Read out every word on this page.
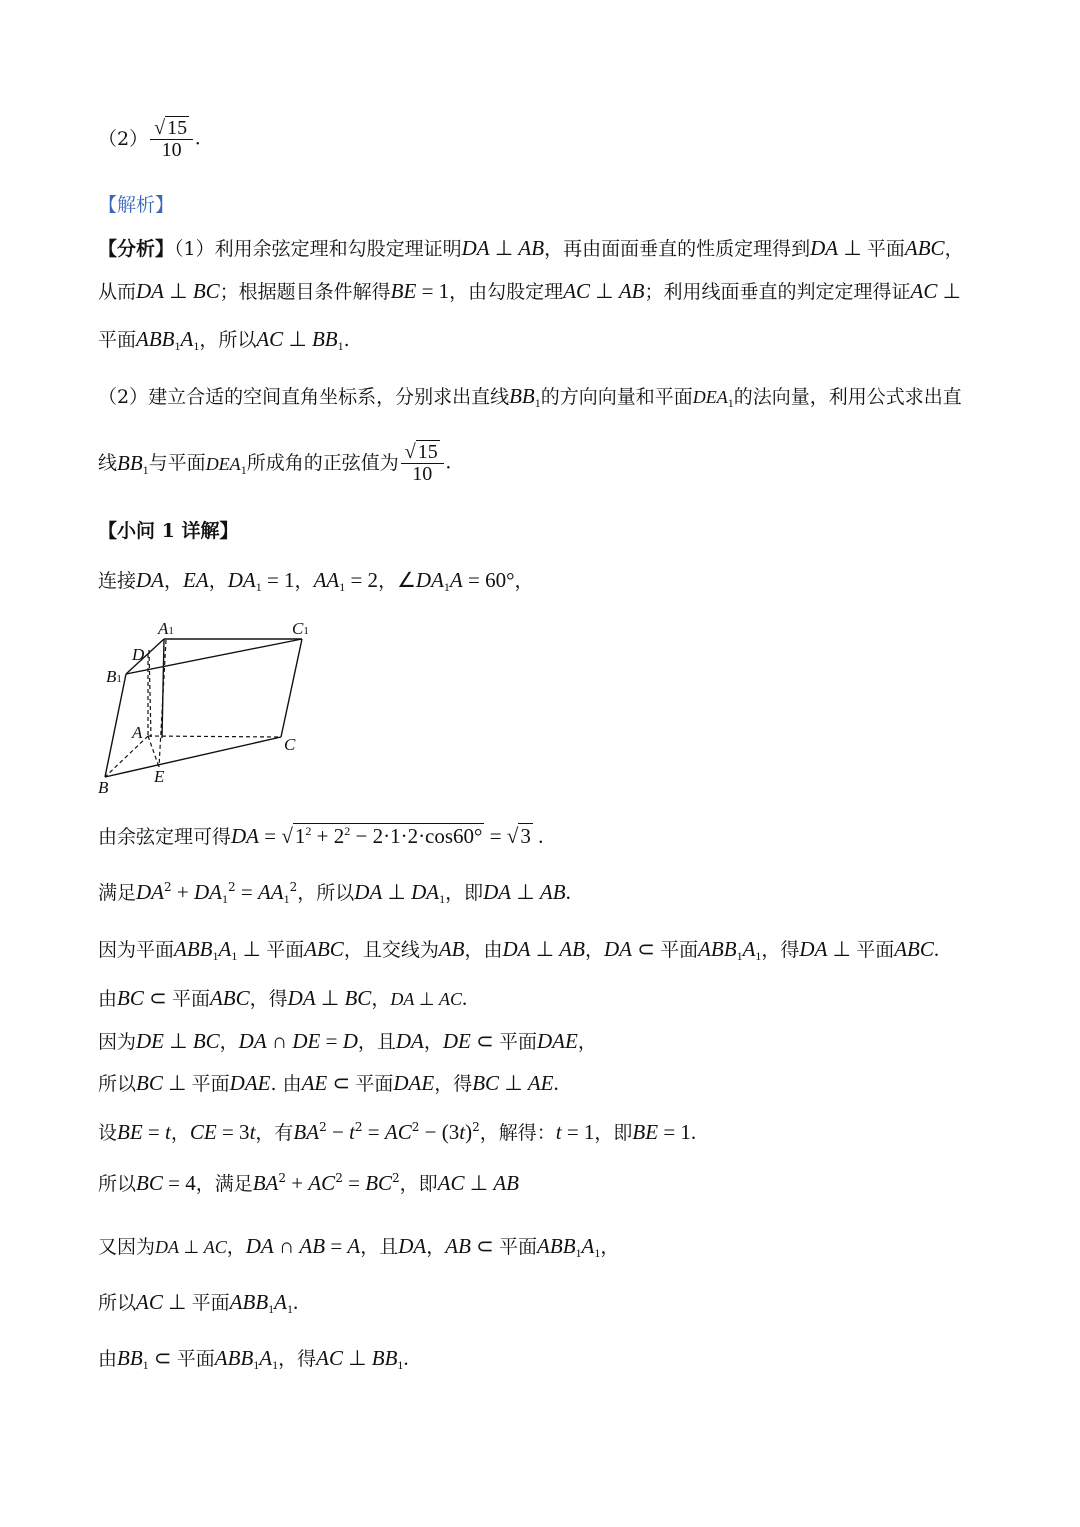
$(2) \frac{√ 15}{10}$ .
【解析】
【分析】（1）利用余弦定理和勾股定理证明DA ⊥ AB，再由面面垂直的性质定理得到DA ⊥ 平面ABC，
从而DA ⊥ BC；根据题目条件解得BE = 1，由勾股定理AC ⊥ AB；利用线面垂直的判定定理得证AC ⊥
平面$ABB_1A_1$，所以AC ⊥ $BB_1$.
（2）建立合适的空间直角坐标系，分别求出直线$BB_1$的方向向量和平面$DEA_1$的法向量，利用公式求出直
线$BB_1$与平面$DEA_1$所成角的正弦值为 $\frac{√ 15}{10}$ .
【小问 1 详解】
连接DA，EA，$DA_1 = 1$，$AA_1 = 2$，$\angle DA_1A = 60^\circ$，
A1	C1
D
B1
A
C
B
E
由余弦定理可得DA = $√1^2 + 2^2 - 2\cdot 1\cdot 2\cdot\cos 60^\circ = √3$ .
满足$DA^2 + DA_1^2 = AA_1^2$，所以DA ⊥ $DA_1$，即DA ⊥ AB.
因为平面$ABB_1A_1$ ⊥ 平面ABC，且交线为AB，由DA ⊥ AB，DA ⊂ 平面$ABB_1A_1$，得DA ⊥ 平面ABC.
由BC ⊂ 平面ABC，得DA ⊥ BC，DA ⊥ AC.
因为DE ⊥ BC，DA ∩ DE = D，且DA，DE ⊂ 平面DAE，
所以BC ⊥ 平面DAE. 由AE ⊂ 平面DAE，得BC ⊥ AE.
设BE = t，CE = 3t，有$BA^2 - t^2 = AC^2 - (3t)^2$，解得：t = 1，即BE = 1.
所以BC = 4，满足$BA^2 + AC^2 = BC^2$，即AC ⊥ AB
又因为DA ⊥ AC，DA ∩ AB = A，且DA，AB ⊂ 平面$ABB_1A_1$，
所以AC ⊥ 平面$ABB_1A_1$.
由$BB_1$ ⊂ 平面$ABB_1A_1$，得AC ⊥ $BB_1$.
